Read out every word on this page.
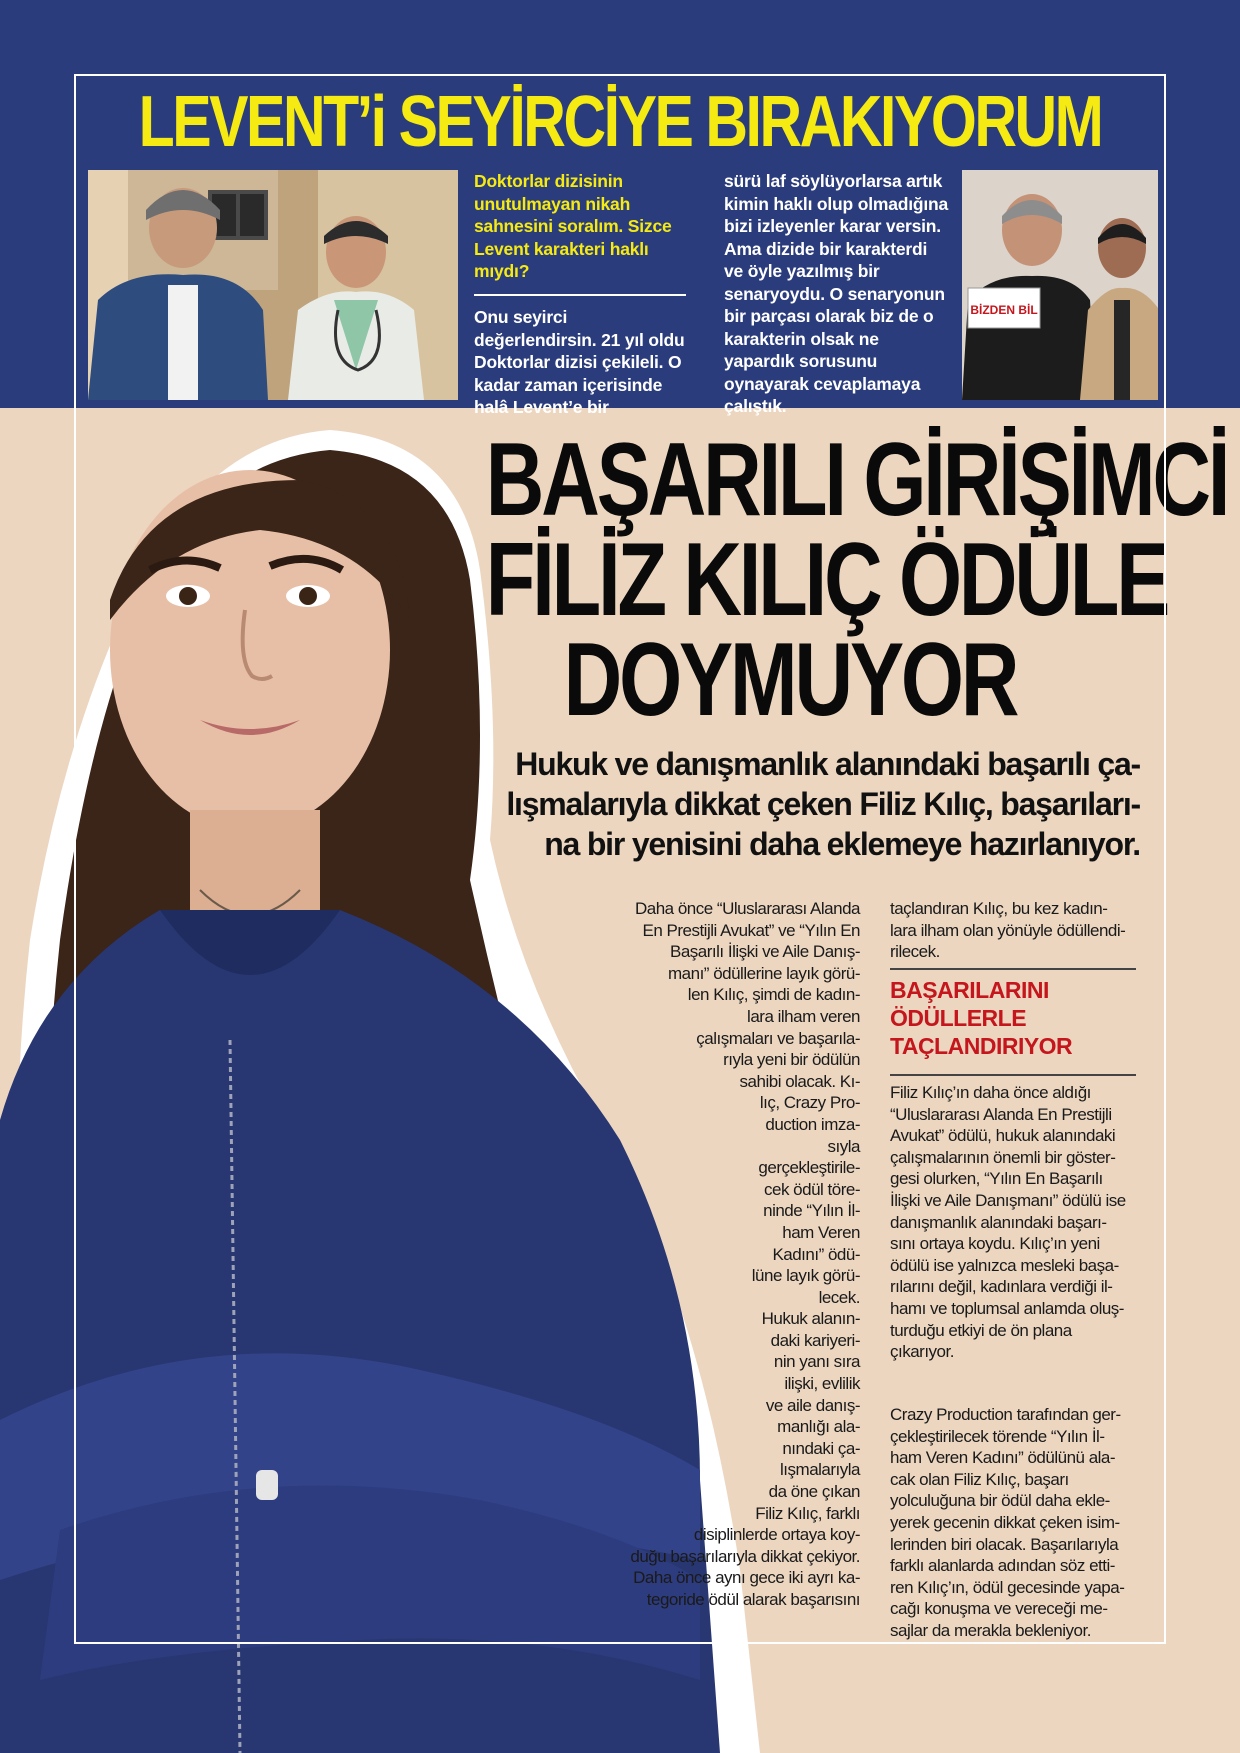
LEVENT’i SEYİRCİYE BIRAKIYORUM
Doktorlar dizisinin unutulmayan nikah sahnesini soralım. Sizce Levent karakteri haklı mıydı?
Onu seyirci değerlendirsin. 21 yıl oldu Doktorlar dizisi çekileli. O kadar zaman içerisinde halâ Levent’e bir
sürü laf söylüyorlarsa artık kimin haklı olup olmadığına bizi izleyenler karar versin. Ama dizide bir karakterdi ve öyle yazılmış bir senaryoydu. O senaryonun bir parçası olarak biz de o karakterin olsak ne yapardık sorusunu oynayarak cevaplamaya çalıştık.
BİZDEN BİL
BAŞARILI GİRİŞİMCİ
FİLİZ KILIÇ ÖDÜLE
DOYMUYOR
Hukuk ve danışmanlık alanındaki başarılı ça-
lışmalarıyla dikkat çeken Filiz Kılıç, başarıları-
na bir yenisini daha eklemeye hazırlanıyor.
Daha önce “Uluslararası Alanda
En Prestijli Avukat” ve “Yılın En
Başarılı İlişki ve Aile Danış-
manı” ödüllerine layık görü-
len Kılıç, şimdi de kadın-
lara ilham veren
çalışmaları ve başarıla-
rıyla yeni bir ödülün
sahibi olacak. Kı-
lıç, Crazy Pro-
duction imza-
sıyla
gerçekleştirile-
cek ödül töre-
ninde “Yılın İl-
ham Veren
Kadını” ödü-
lüne layık görü-
lecek.
Hukuk alanın-
daki kariyeri-
nin yanı sıra
ilişki, evlilik
ve aile danış-
manlığı ala-
nındaki ça-
lışmalarıyla
da öne çıkan
Filiz Kılıç, farklı
disiplinlerde ortaya koy-
duğu başarılarıyla dikkat çekiyor.
Daha önce aynı gece iki ayrı ka-
tegoride ödül alarak başarısını
taçlandıran Kılıç, bu kez kadın-
lara ilham olan yönüyle ödüllendi-
rilecek.
BAŞARILARINI
ÖDÜLLERLE
TAÇLANDIRIYOR
Filiz Kılıç’ın daha önce aldığı
“Uluslararası Alanda En Prestijli
Avukat” ödülü, hukuk alanındaki
çalışmalarının önemli bir göster-
gesi olurken, “Yılın En Başarılı
İlişki ve Aile Danışmanı” ödülü ise
danışmanlık alanındaki başarı-
sını ortaya koydu. Kılıç’ın yeni
ödülü ise yalnızca mesleki başa-
rılarını değil, kadınlara verdiği il-
hamı ve toplumsal anlamda oluş-
turduğu etkiyi de ön plana
çıkarıyor.
Crazy Production tarafından ger-
çekleştirilecek törende “Yılın İl-
ham Veren Kadını” ödülünü ala-
cak olan Filiz Kılıç, başarı
yolculuğuna bir ödül daha ekle-
yerek gecenin dikkat çeken isim-
lerinden biri olacak. Başarılarıyla
farklı alanlarda adından söz etti-
ren Kılıç’ın, ödül gecesinde yapa-
cağı konuşma ve vereceği me-
sajlar da merakla bekleniyor.
